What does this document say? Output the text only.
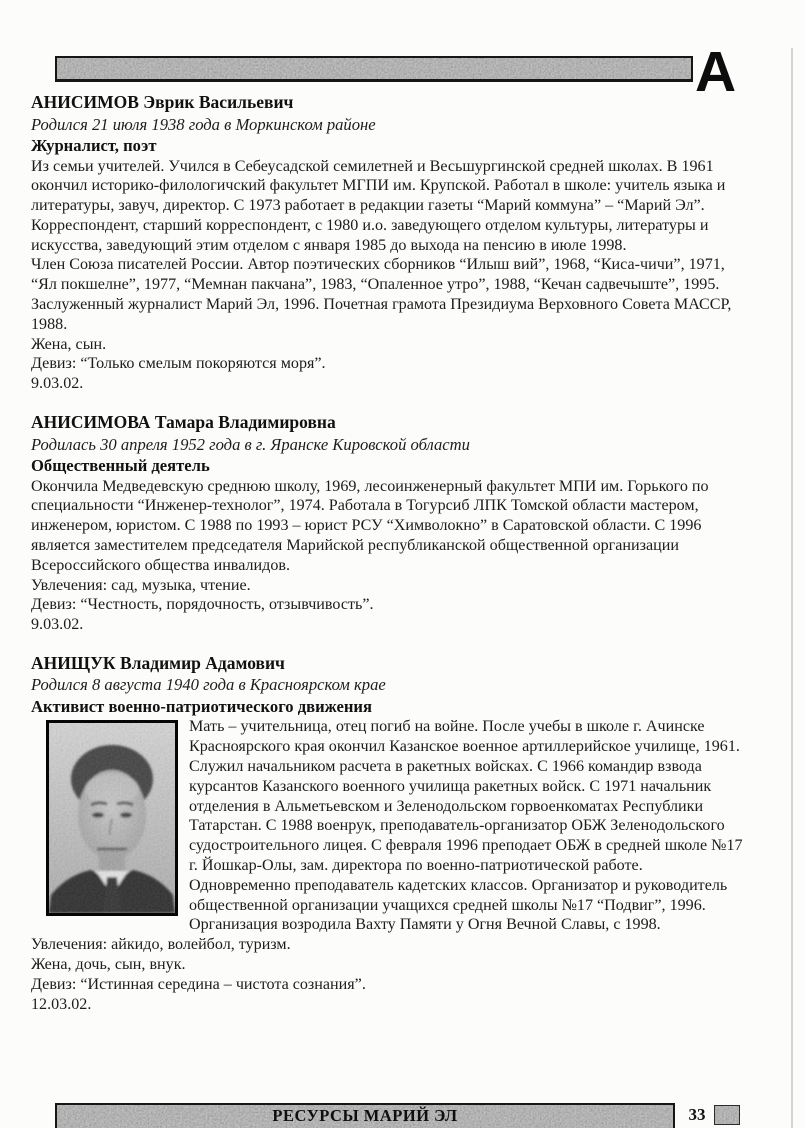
А
АНИСИМОВ Эврик Васильевич
Родился 21 июля 1938 года в Моркинском районе
Журналист, поэт
Из семьи учителей. Учился в Себеусадской семилетней и Весьшургинской средней школах. В 1961 окончил историко-филологичский факультет МГПИ им. Крупской. Работал в школе: учитель языка и литературы, завуч, директор. С 1973 работает в редакции газеты “Марий коммуна” – “Марий Эл”. Корреспондент, старший корреспондент, с 1980 и.о. заведующего отделом культуры, литературы и искусства, заведующий этим отделом с января 1985 до выхода на пенсию в июле 1998.
Член Союза писателей России. Автор поэтических сборников “Илыш вий”, 1968, “Киса-чичи”, 1971, “Ял покшелне”, 1977, “Мемнан пакчана”, 1983, “Опаленное утро”, 1988, “Кечан садвечыште”, 1995.
Заслуженный журналист Марий Эл, 1996. Почетная грамота Президиума Верховного Совета МАССР, 1988.
Жена, сын.
Девиз: “Только смелым покоряются моря”.
9.03.02.
АНИСИМОВА Тамара Владимировна
Родилась 30 апреля 1952 года в г. Яранске Кировской области
Общественный деятель
Окончила Медведевскую среднюю школу, 1969, лесоинженерный факультет МПИ им. Горького по специальности “Инженер-технолог”, 1974. Работала в Тогурсиб ЛПК Томской области мастером, инженером, юристом. С 1988 по 1993 – юрист РСУ “Химволокно” в Саратовской области. С 1996 является заместителем председателя Марийской республиканской общественной организации Всероссийского общества инвалидов.
Увлечения: сад, музыка, чтение.
Девиз: “Честность, порядочность, отзывчивость”.
9.03.02.
АНИЩУК Владимир Адамович
Родился 8 августа 1940 года в Красноярском крае
Активист военно-патриотического движения
Мать – учительница, отец погиб на войне. После учебы в школе г. Ачинске Красноярского края окончил Казанское военное артиллерийское училище, 1961. Служил начальником расчета в ракетных войсках. С 1966 командир взвода курсантов Казанского военного училища ракетных войск. С 1971 начальник отделения в Альметьевском и Зеленодольском горвоенкоматах Республики Татарстан. С 1988 военрук, преподаватель-организатор ОБЖ Зеленодольского судостроительного лицея. С февраля 1996 преподает ОБЖ в средней школе №17 г. Йошкар-Олы, зам. директора по военно-патриотической работе. Одновременно преподаватель кадетских классов. Организатор и руководитель общественной организации учащихся средней школы №17 “Подвиг”, 1996. Организация возродила Вахту Памяти у Огня Вечной Славы, с 1998.
Увлечения: айкидо, волейбол, туризм.
Жена, дочь, сын, внук.
Девиз: “Истинная середина – чистота сознания”.
12.03.02.
РЕСУРСЫ МАРИЙ ЭЛ	33
